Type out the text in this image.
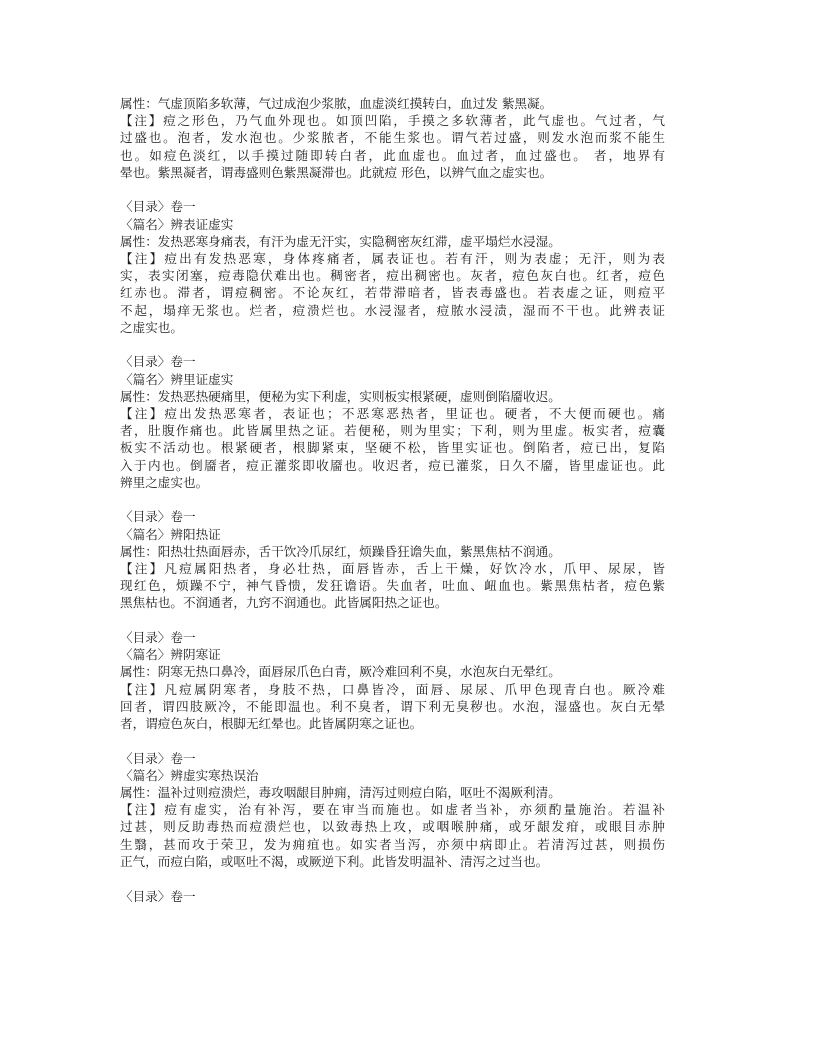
属性：气虚顶陷多软薄，气过成泡少浆脓，血虚淡红摸转白，血过发 紫黑凝。
【注】痘之形色，乃气血外现也。如顶凹陷，手摸之多软薄者，此气虚也。气过者，气
过盛也。泡者，发水泡也。少浆脓者，不能生浆也。谓气若过盛，则发水泡而浆不能生
也。如痘色淡红，以手摸过随即转白者，此血虚也。血过者，血过盛也。 者，地界有
晕也。紫黑凝者，谓毒盛则色紫黑凝滞也。此就痘 形色，以辨气血之虚实也。
〈目录〉卷一
〈篇名〉辨表证虚实
属性：发热恶寒身痛表，有汗为虚无汗实，实隐稠密灰红滞，虚平塌烂水浸湿。
【注】痘出有发热恶寒，身体疼痛者，属表证也。若有汗，则为表虚；无汗，则为表
实，表实闭塞，痘毒隐伏难出也。稠密者，痘出稠密也。灰者，痘色灰白也。红者，痘色
红赤也。滞者，谓痘稠密。不论灰红，若带滞暗者，皆表毒盛也。若表虚之证，则痘平
不起，塌痒无浆也。烂者，痘溃烂也。水浸湿者，痘脓水浸渍，湿而不干也。此辨表证
之虚实也。
〈目录〉卷一
〈篇名〉辨里证虚实
属性：发热恶热硬痛里，便秘为实下利虚，实则板实根紧硬，虚则倒陷靥收迟。
【注】痘出发热恶寒者，表证也；不恶寒恶热者，里证也。硬者，不大便而硬也。痛
者，肚腹作痛也。此皆属里热之证。若便秘，则为里实；下利，则为里虚。板实者，痘囊
板实不活动也。根紧硬者，根脚紧束，坚硬不松，皆里实证也。倒陷者，痘已出，复陷
入于内也。倒靥者，痘正灌浆即收靥也。收迟者，痘已灌浆，日久不靥，皆里虚证也。此
辨里之虚实也。
〈目录〉卷一
〈篇名〉辨阳热证
属性：阳热壮热面唇赤，舌干饮冷爪尿红，烦躁昏狂谵失血，紫黑焦枯不润通。
【注】凡痘属阳热者，身必壮热，面唇皆赤，舌上干燥，好饮冷水，爪甲、尿尿，皆
现红色，烦躁不宁，神气昏愦，发狂谵语。失血者，吐血、衄血也。紫黑焦枯者，痘色紫
黑焦枯也。不润通者，九窍不润通也。此皆属阳热之证也。
〈目录〉卷一
〈篇名〉辨阴寒证
属性：阴寒无热口鼻冷，面唇尿爪色白青，厥冷难回利不臭，水泡灰白无晕红。
【注】凡痘属阴寒者，身肢不热，口鼻皆冷，面唇、尿尿、爪甲色现青白也。厥冷难
回者，谓四肢厥冷，不能即温也。利不臭者，谓下利无臭秽也。水泡，湿盛也。灰白无晕
者，谓痘色灰白，根脚无红晕也。此皆属阴寒之证也。
〈目录〉卷一
〈篇名〉辨虚实寒热误治
属性：温补过则痘溃烂，毒攻咽龈目肿痈，清泻过则痘白陷，呕吐不渴厥利清。
【注】痘有虚实，治有补泻，要在审当而施也。如虚者当补，亦须酌量施治。若温补
过甚，则反助毒热而痘溃烂也，以致毒热上攻，或咽喉肿痛，或牙龈发疳，或眼目赤肿
生翳，甚而攻于荣卫，发为痈疽也。如实者当泻，亦须中病即止。若清泻过甚，则损伤
正气，而痘白陷，或呕吐不渴，或厥逆下利。此皆发明温补、清泻之过当也。
〈目录〉卷一
